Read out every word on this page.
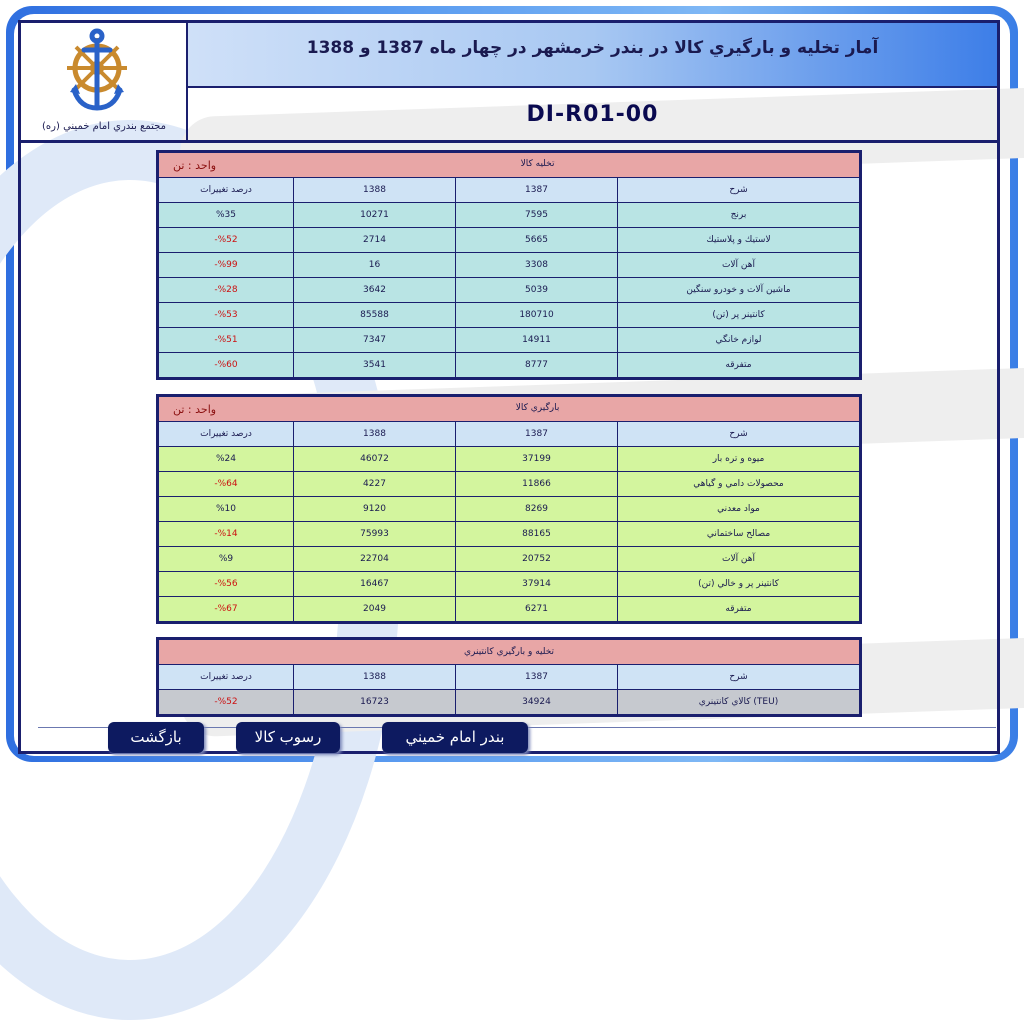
مجتمع بندري امام خميني (ره)
آمار تخليه و بارگيري كالا در بندر خرمشهر در چهار ماه 1387 و 1388
DI-R01-00
واحد : تن تخليه كالا			
درصد تغييرات	1388	1387	شرح
%35	10271	7595	برنج
-%52	2714	5665	لاستيك و پلاستيك
-%99	16	3308	آهن آلات
-%28	3642	5039	ماشين آلات و خودرو سنگين
-%53	85588	180710	كانتينر پر (تن)
-%51	7347	14911	لوازم خانگي
-%60	3541	8777	متفرقه
واحد : تن بارگيري كالا			
درصد تغييرات	1388	1387	شرح
%24	46072	37199	ميوه و تره بار
-%64	4227	11866	محصولات دامي و گياهي
%10	9120	8269	مواد معدني
-%14	75993	88165	مصالح ساختماني
%9	22704	20752	آهن آلات
-%56	16467	37914	كانتينر پر و خالي (تن)
-%67	2049	6271	متفرقه
تخليه و بارگيري كانتينري			
درصد تغييرات	1388	1387	شرح
-%52	16723	34924	كالاي كانتينري (TEU)
بازگشت	رسوب كالا	بندر امام خميني
